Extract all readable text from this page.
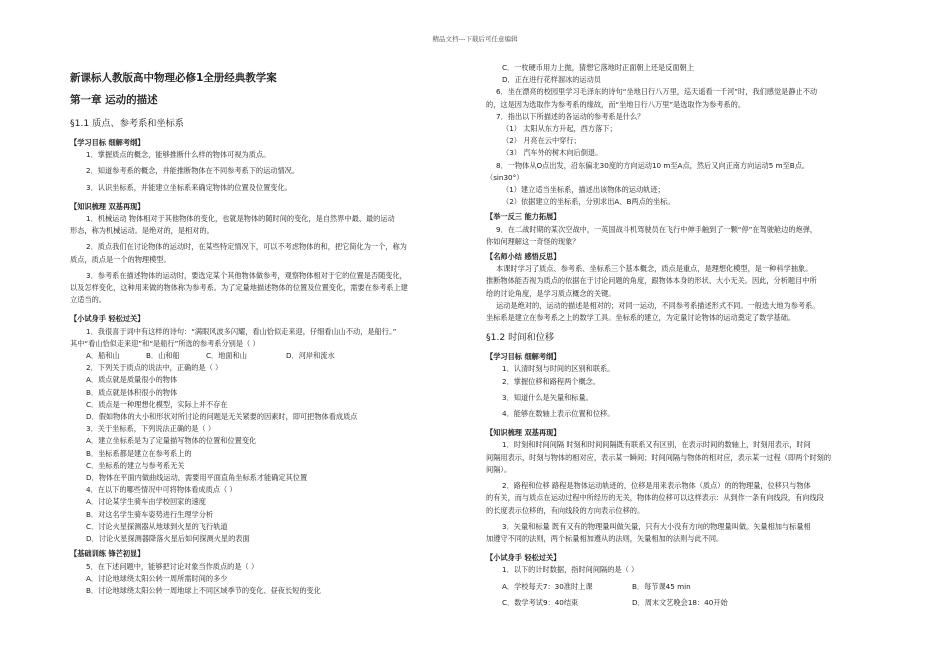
精品文档---下载后可任意编辑
新课标人教版高中物理必修1全册经典教学案
第一章 运动的描述
§1.1 质点、参考系和坐标系
【学习目标 细解考纲】
1．掌握质点的概念，能够推断什么样的物体可视为质点。
2．知道参考系的概念，并能推断物体在不同参考系下的运动情况。
3．认识坐标系，并能建立坐标系来确定物体的位置及位置变化。
【知识梳理 双基再现】
1．机械运动 物体相对于其他物体的变化，也就是物体的随时间的变化，是自然界中最、最的运动
形态，称为机械运动。是绝对的，是相对的。
2．质点我们在讨论物体的运动时，在某些特定情况下，可以不考虑物体的和，把它简化为一个，称为
质点，质点是一个的物理模型。
3．参考系在描述物体的运动时，要选定某个其他物体做参考，观察物体相对于它的位置是否随变化，
以及怎样变化，这种用来做的物体称为参考系。为了定量地描述物体的位置及位置变化，需要在参考系上建
立适当的。
【小试身手 轻松过关】
1．我很喜于词中有这样的诗句：“满眼风波多闪耀，看山恰似走来迎，仔细看山山不动，是船行。”
其中“看山恰似走来迎”和“是船行”所选的参考系分别是（ ）
A．船和山	B．山和船	C．地面和山	D．河岸和流水
2．下列关于质点的说法中，正确的是（ ）
A．质点就是质量很小的物体
B．质点就是体积很小的物体
C．质点是一种理想化模型，实际上并不存在
D．假如物体的大小和形状对所讨论的问题是无关紧要的因素时，即可把物体看成质点
3．关于坐标系，下列说法正确的是（ ）
A．建立坐标系是为了定量描写物体的位置和位置变化
B．坐标系都是建立在参考系上的
C．坐标系的建立与参考系无关
D．物体在平面内做曲线运动，需要用平面直角坐标系才能确定其位置
4．在以下的哪些情况中可将物体看成质点（ ）
A．讨论某学生骑车由学校回家的速度
B．对这名学生骑车姿势进行生理学分析
C．讨论火星探测器从地球到火星的飞行轨道
D．讨论火星探测器降落火星后如何探测火星的表面
【基础训练 锋芒初显】
5．在下述问题中，能够把讨论对象当作质点的是（ ）
A．讨论地球绕太阳公转一周所需时间的多少
B．讨论地球绕太阳公转一周地球上不同区域季节的变化、昼夜长短的变化
C．一枚硬币用力上抛，猜想它落地时正面朝上还是反面朝上
D．正在进行花样溜冰的运动员
6．坐在漂亮的校园里学习毛泽东的诗句“坐地日行八万里，巡天遥看一千河”时，我们感觉是静止不动
的，这是因为选取作为参考系的缘故，而“坐地日行八万里”是选取作为参考系的。
7．指出以下所描述的各运动的参考系是什么？
（1） 太阳从东方升起，西方落下；
（2） 月亮在云中穿行；
（3） 汽车外的树木向后倒退。
8．一物体从O点出发，沿东偏北30度的方向运动10 m至A点，然后又向正南方向运动5 m至B点。
（sin30°）
（1）建立适当坐标系，描述出该物体的运动轨迹；
（2）依据建立的坐标系，分别求出A、B两点的坐标。
【举一反三 能力拓展】
9．在二战时期的某次空战中，一英国战斗机驾驶员在飞行中伸手触到了一颗“停”在驾驶舱边的炮弹，
你如何理解这一奇怪的现象？
【名师小结 感悟反思】
本课时学习了质点、参考系、坐标系三个基本概念，质点是重点，是理想化模型，是一种科学抽象。
推断物体能否视为质点的依据在于讨论问题的角度，跟物体本身的形状、大小无关。因此，分析题目中所
给的讨论角度，是学习质点概念的关键。
运动是绝对的，运动的描述是相对的；对同一运动，不同参考系描述形式不同。一般选大地为参考系。
坐标系是建立在参考系之上的数学工具。坐标系的建立，为定量讨论物体的运动奠定了数学基础。
§1.2 时间和位移
【学习目标 细解考纲】
1．认清时刻与时间的区别和联系。
2．掌握位移和路程两个概念。
3．知道什么是矢量和标量。
4．能够在数轴上表示位置和位移。
【知识梳理 双基再现】
1．时刻和时间间隔 时刻和时间间隔既有联系又有区别，在表示时间的数轴上，时刻用表示，时间
间隔用表示，时刻与物体的相对应，表示某一瞬间；时间间隔与物体的相对应，表示某一过程（即两个时刻的
间隔）。
2．路程和位移 路程是物体运动轨迹的，位移是用来表示物体（质点）的的物理量，位移只与物体
的有关，而与质点在运动过程中所经历的无关，物体的位移可以这样表示：从到作一条有向线段，有向线段
的长度表示位移的，有向线段的方向表示位移的。
3．矢量和标量 既有又有的物理量叫做矢量，只有大小没有方向的物理量叫做。矢量相加与标量相
加遵守不同的法则，两个标量相加遵从的法则，矢量相加的法则与此不同。
【小试身手 轻松过关】
1．以下的计时数据，指时间间隔的是（ ）
A．学校每天7：30准时上课	B．每节课45 min
C．数学考试9：40结束	D．周末文艺晚会18：40开始
